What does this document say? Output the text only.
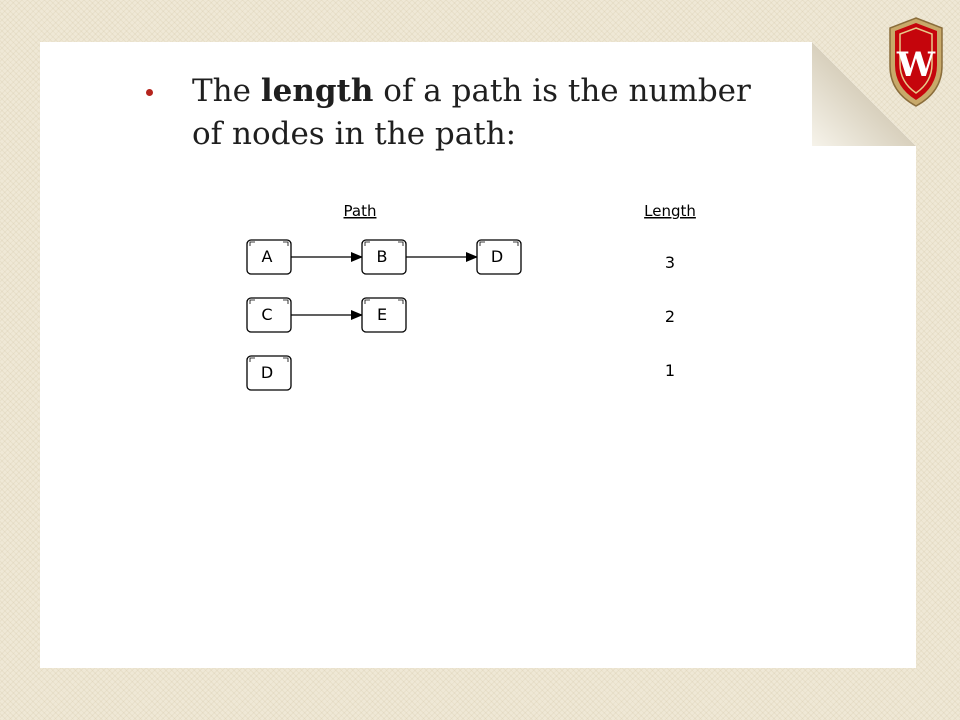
W
The length of a path is the number
of nodes in the path:
Path	Length
A	B	D	3
C	E	2
D	1
